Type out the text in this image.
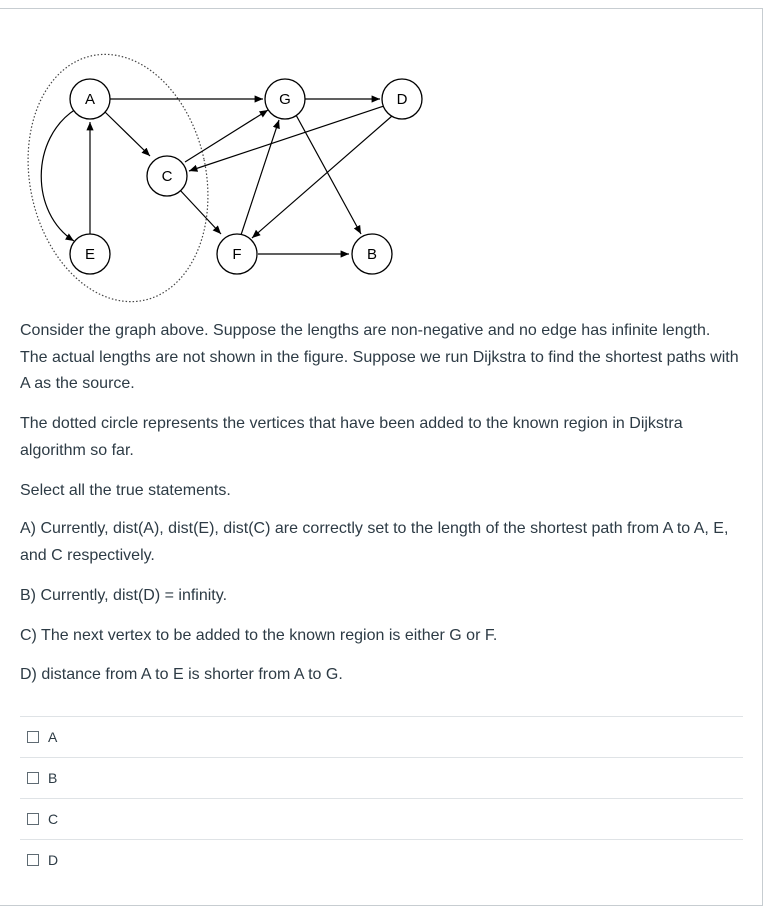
A	G	D
C
E	F	B

Consider the graph above. Suppose the lengths are non-negative and no edge has infinite length. The actual lengths are not shown in the figure. Suppose we run Dijkstra to find the shortest paths with A as the source.

The dotted circle represents the vertices that have been added to the known region in Dijkstra algorithm so far.

Select all the true statements.

A) Currently, dist(A), dist(E), dist(C) are correctly set to the length of the shortest path from A to A, E, and C respectively.

B) Currently, dist(D) = infinity.

C) The next vertex to be added to the known region is either G or F.

D) distance from A to E is shorter from A to G.

A
B
C
D
